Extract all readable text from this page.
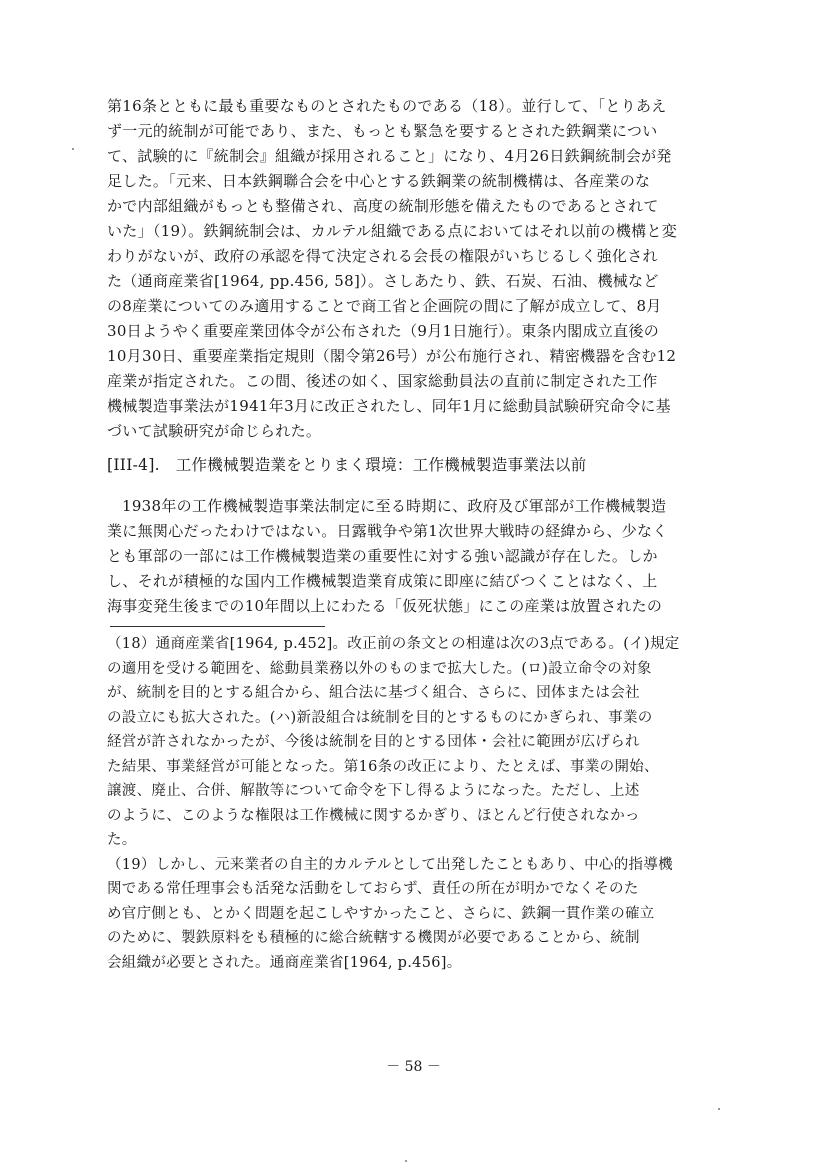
第16条とともに最も重要なものとされたものである（18）。並行して、「とりあえ
ず一元的統制が可能であり、また、もっとも緊急を要するとされた鉄鋼業につい
て、試験的に『統制会』組織が採用されること」になり、4月26日鉄鋼統制会が発
足した。「元来、日本鉄鋼聯合会を中心とする鉄鋼業の統制機構は、各産業のな
かで内部組織がもっとも整備され、高度の統制形態を備えたものであるとされて
いた」（19）。鉄鋼統制会は、カルテル組織である点においてはそれ以前の機構と変
わりがないが、政府の承認を得て決定される会長の権限がいちじるしく強化され
た（通商産業省[1964, pp.456, 58]）。さしあたり、鉄、石炭、石油、機械など
の8産業についてのみ適用することで商工省と企画院の間に了解が成立して、8月
30日ようやく重要産業団体令が公布された（9月1日施行）。東条内閣成立直後の
10月30日、重要産業指定規則（閣令第26号）が公布施行され、精密機器を含む12
産業が指定された。この間、後述の如く、国家総動員法の直前に制定された工作
機械製造事業法が1941年3月に改正されたし、同年1月に総動員試験研究命令に基
づいて試験研究が命じられた。
[III-4].　工作機械製造業をとりまく環境：工作機械製造事業法以前
1938年の工作機械製造事業法制定に至る時期に、政府及び軍部が工作機械製造
業に無関心だったわけではない。日露戦争や第1次世界大戦時の経緯から、少なく
とも軍部の一部には工作機械製造業の重要性に対する強い認識が存在した。しか
し、それが積極的な国内工作機械製造業育成策に即座に結びつくことはなく、上
海事変発生後までの10年間以上にわたる「仮死状態」にこの産業は放置されたの
（18）通商産業省[1964, p.452]。改正前の条文との相違は次の3点である。(イ)規定
の適用を受ける範囲を、総動員業務以外のものまで拡大した。(ロ)設立命令の対象
が、統制を目的とする組合から、組合法に基づく組合、さらに、団体または会社
の設立にも拡大された。(ハ)新設組合は統制を目的とするものにかぎられ、事業の
経営が許されなかったが、今後は統制を目的とする団体・会社に範囲が広げられ
た結果、事業経営が可能となった。第16条の改正により、たとえば、事業の開始、
譲渡、廃止、合併、解散等について命令を下し得るようになった。ただし、上述
のように、このような権限は工作機械に関するかぎり、ほとんど行使されなかっ
た。
（19）しかし、元来業者の自主的カルテルとして出発したこともあり、中心的指導機
関である常任理事会も活発な活動をしておらず、責任の所在が明かでなくそのた
め官庁側とも、とかく問題を起こしやすかったこと、さらに、鉄鋼一貫作業の確立
のために、製鉄原料をも積極的に総合統轄する機関が必要であることから、統制
会組織が必要とされた。通商産業省[1964, p.456]。
－ 58 －
